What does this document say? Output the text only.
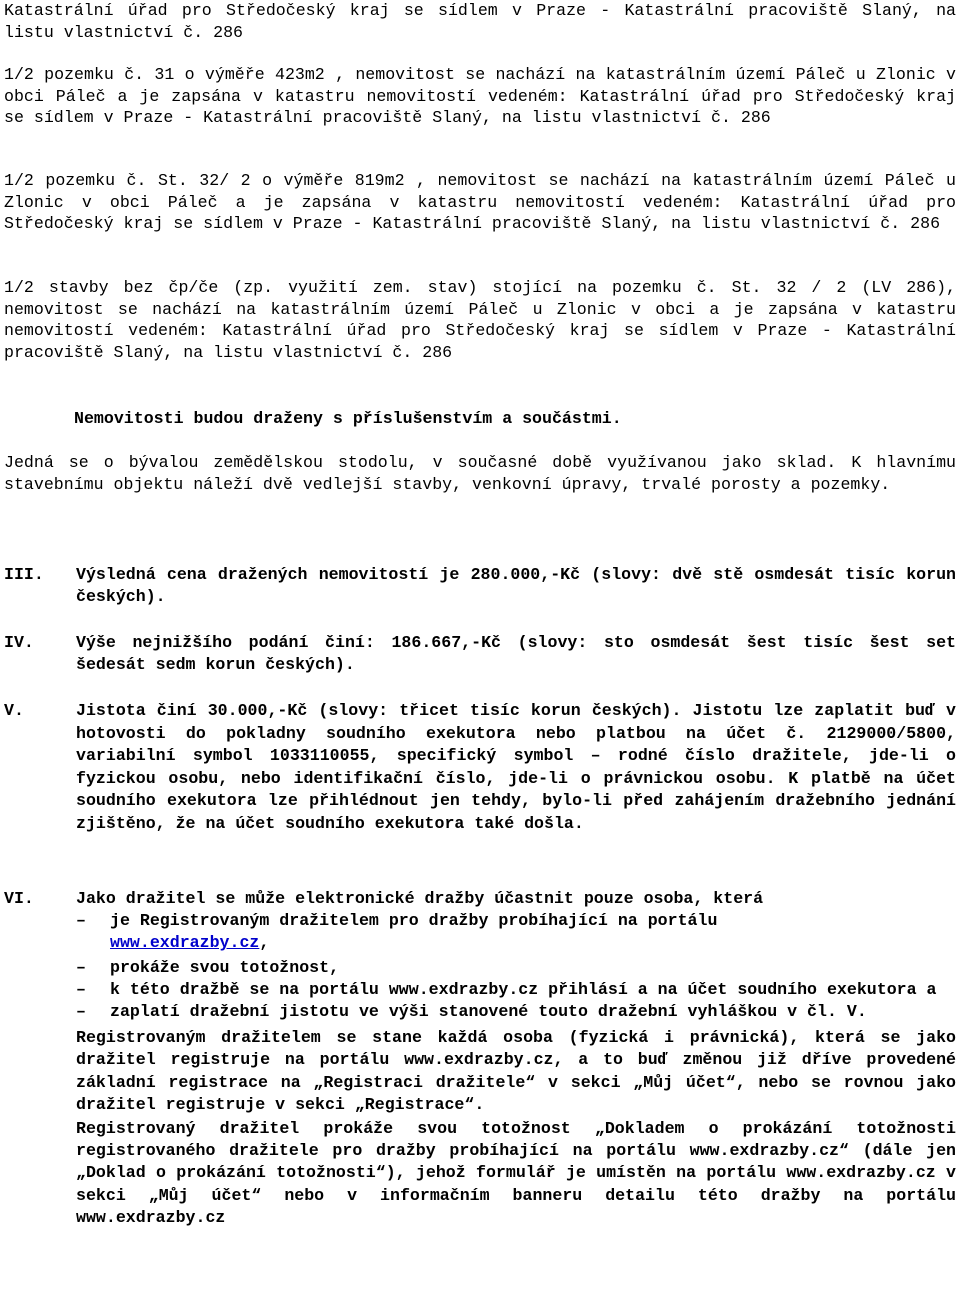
Katastrální úřad pro Středočeský kraj se sídlem v Praze - Katastrální pracoviště Slaný, na listu vlastnictví č. 286

1/2 pozemku č. 31 o výměře 423m2 , nemovitost se nachází na katastrálním území Páleč u Zlonic v obci Páleč a je zapsána v katastru nemovitostí vedeném: Katastrální úřad pro Středočeský kraj se sídlem v Praze - Katastrální pracoviště Slaný, na listu vlastnictví č. 286

1/2 pozemku č. St. 32/ 2 o výměře 819m2 , nemovitost se nachází na katastrálním území Páleč u Zlonic v obci Páleč a je zapsána v katastru nemovitostí vedeném: Katastrální úřad pro Středočeský kraj se sídlem v Praze - Katastrální pracoviště Slaný, na listu vlastnictví č. 286

1/2 stavby bez čp/če (zp. využití zem. stav) stojící na pozemku č. St. 32 / 2 (LV 286), nemovitost se nachází na katastrálním území Páleč u Zlonic v obci a je zapsána v katastru nemovitostí vedeném: Katastrální úřad pro Středočeský kraj se sídlem v Praze - Katastrální pracoviště Slaný, na listu vlastnictví č. 286

Nemovitosti budou draženy s příslušenstvím a součástmi.

Jedná se o bývalou zemědělskou stodolu, v současné době využívanou jako sklad. K hlavnímu stavebnímu objektu náleží dvě vedlejší stavby, venkovní úpravy, trvalé porosty a pozemky.

III. Výsledná cena dražených nemovitostí je 280.000,-Kč (slovy: dvě stě osmdesát tisíc korun českých).
IV.	Výše nejnižšího podání činí: 186.667,-Kč (slovy: sto osmdesát šest tisíc šest set šedesát sedm korun českých).
V.	Jistota činí 30.000,-Kč (slovy: třicet tisíc korun českých). Jistotu lze zaplatit buď v hotovosti do pokladny soudního exekutora nebo platbou na účet č. 2129000/5800, variabilní symbol 1033110055, specifický symbol – rodné číslo dražitele, jde-li o fyzickou osobu, nebo identifikační číslo, jde-li o právnickou osobu. K platbě na účet soudního exekutora lze přihlédnout jen tehdy, bylo-li před zahájením dražebního jednání zjištěno, že na účet soudního exekutora také došla.
VI.	Jako dražitel se může elektronické dražby účastnit pouze osoba, která
– je Registrovaným dražitelem pro dražby probíhající na portálu
www.exdrazby.cz,
– prokáže svou totožnost,
– k této dražbě se na portálu www.exdrazby.cz přihlásí a na účet soudního exekutora a
– zaplatí dražební jistotu ve výši stanovené touto dražební vyhláškou v čl. V.
Registrovaným dražitelem se stane každá osoba (fyzická i právnická), která se jako dražitel registruje na portálu www.exdrazby.cz, a to buď změnou již dříve provedené základní registrace na „Registraci dražitele“ v sekci „Můj účet“, nebo se rovnou jako dražitel registruje v sekci „Registrace“.
Registrovaný dražitel prokáže svou totožnost „Dokladem o prokázání totožnosti registrovaného dražitele pro dražby probíhající na portálu www.exdrazby.cz“ (dále jen „Doklad o prokázání totožnosti“), jehož formulář je umístěn na portálu www.exdrazby.cz v sekci „Můj účet“ nebo v informačním banneru detailu této dražby na portálu www.exdrazby.cz
